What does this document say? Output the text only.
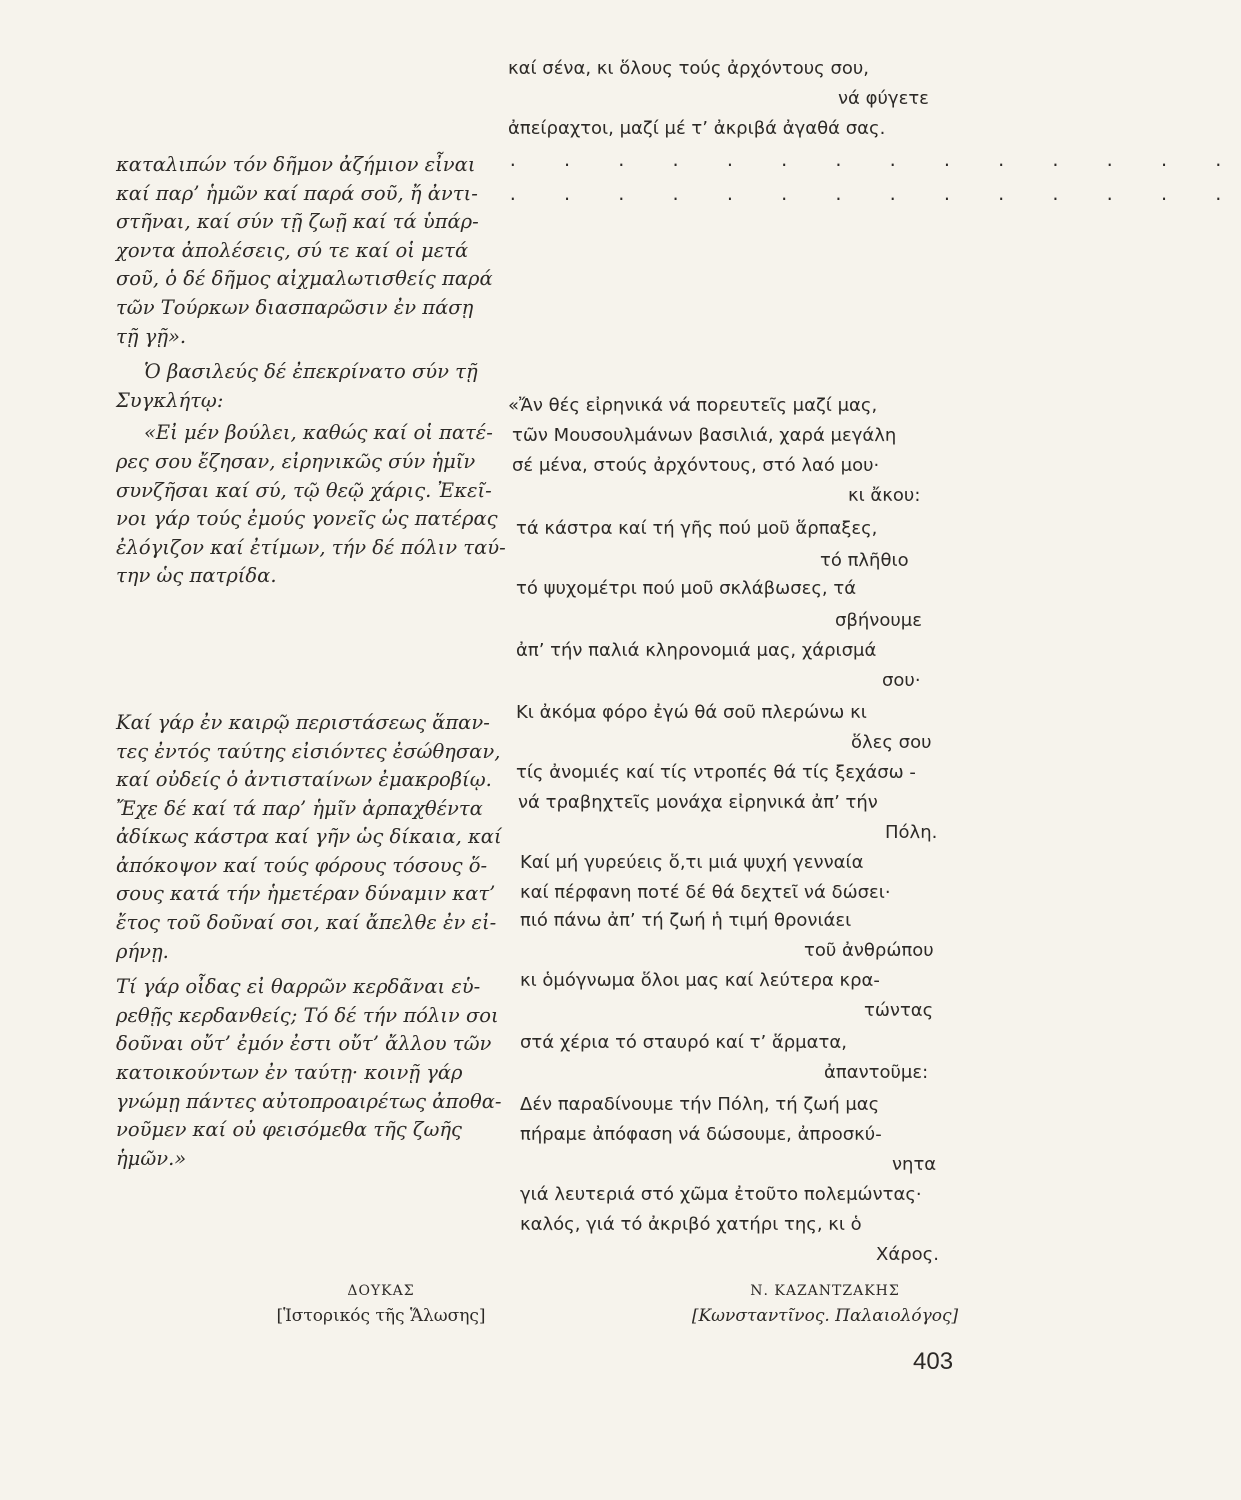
καταλιπών τόν δῆμον ἀζήμιον εἶναι
καί παρ’ ἡμῶν καί παρά σοῦ, ἤ ἀντι-
στῆναι, καί σύν τῇ ζωῇ καί τά ὑπάρ-
χοντα ἀπολέσεις, σύ τε καί οἱ μετά
σοῦ, ὁ δέ δῆμος αἰχμαλωτισθείς παρά
τῶν Τούρκων διασπαρῶσιν ἐν πάσῃ
τῇ γῇ».
Ὁ βασιλεύς δέ ἐπεκρίνατο σύν τῇ
Συγκλήτῳ:
«Εἰ μέν βούλει, καθώς καί οἱ πατέ-
ρες σου ἔζησαν, εἰρηνικῶς σύν ἡμῖν
συνζῆσαι καί σύ, τῷ θεῷ χάρις. Ἐκεῖ-
νοι γάρ τούς ἐμούς γονεῖς ὡς πατέρας
ἐλόγιζον καί ἐτίμων, τήν δέ πόλιν ταύ-
την ὡς πατρίδα.
Καί γάρ ἐν καιρῷ περιστάσεως ἅπαν-
τες ἐντός ταύτης εἰσιόντες ἐσώθησαν,
καί οὐδείς ὁ ἀντισταίνων ἐμακροβίῳ.
Ἔχε δέ καί τά παρ’ ἡμῖν ἁρπαχθέντα
ἀδίκως κάστρα καί γῆν ὡς δίκαια, καί
ἀπόκοψον καί τούς φόρους τόσους ὅ-
σους κατά τήν ἡμετέραν δύναμιν κατ’
ἔτος τοῦ δοῦναί σοι, καί ἄπελθε ἐν εἰ-
ρήνῃ.
Τί γάρ οἶδας εἰ θαρρῶν κερδᾶναι εὑ-
ρεθῇς κερδανθείς; Τό δέ τήν πόλιν σοι
δοῦναι οὔτ’ ἐμόν ἐστι οὔτ’ ἄλλου τῶν
κατοικούντων ἐν ταύτῃ· κοινῇ γάρ
γνώμῃ πάντες αὐτοπροαιρέτως ἀποθα-
νοῦμεν καί οὐ φεισόμεθα τῆς ζωῆς
ἡμῶν.»
καί σένα, κι ὅλους τούς ἀρχόντους σου,
νά φύγετε
ἀπείραχτοι, μαζί μέ τ’ ἀκριβά ἀγαθά σας.
«Ἄν θές εἰρηνικά νά πορευτεῖς μαζί μας,
τῶν Μουσουλμάνων βασιλιά, χαρά μεγάλη
σέ μένα, στούς ἀρχόντους, στό λαό μου·
κι ἄκου:
τά κάστρα καί τή γῆς πού μοῦ ἅρπαξες,
τό πλῆθιο
τό ψυχομέτρι πού μοῦ σκλάβωσες, τά
σβήνουμε
ἀπ’ τήν παλιά κληρονομιά μας, χάρισμά
σου·
Κι ἀκόμα φόρο ἐγώ θά σοῦ πλερώνω κι
ὅλες σου
τίς ἀνομιές καί τίς ντροπές θά τίς ξεχάσω -
νά τραβηχτεῖς μονάχα εἰρηνικά ἀπ’ τήν
Πόλη.
Καί μή γυρεύεις ὅ,τι μιά ψυχή γενναία
καί πέρφανη ποτέ δέ θά δεχτεῖ νά δώσει·
πιό πάνω ἀπ’ τή ζωή ἡ τιμή θρονιάει
τοῦ ἀνθρώπου
κι ὁμόγνωμα ὅλοι μας καί λεύτερα κρα-
τώντας
στά χέρια τό σταυρό καί τ’ ἅρματα,
ἀπαντοῦμε:
Δέν παραδίνουμε τήν Πόλη, τή ζωή μας
πήραμε ἀπόφαση νά δώσουμε, ἀπροσκύ-
νητα
γιά λευτεριά στό χῶμα ἐτοῦτο πολεμώντας·
καλός, γιά τό ἀκριβό χατήρι της, κι ὁ
Χάρος.
. . . . . . . . . . . . . .
. . . . . . . . . . . . . .
ΔΟΥΚΑΣ
[Ἱστορικός τῆς Ἅλωσης]
Ν. ΚΑΖΑΝΤΖΑΚΗΣ
[Κωνσταντῖνος. Παλαιολόγος]
403
